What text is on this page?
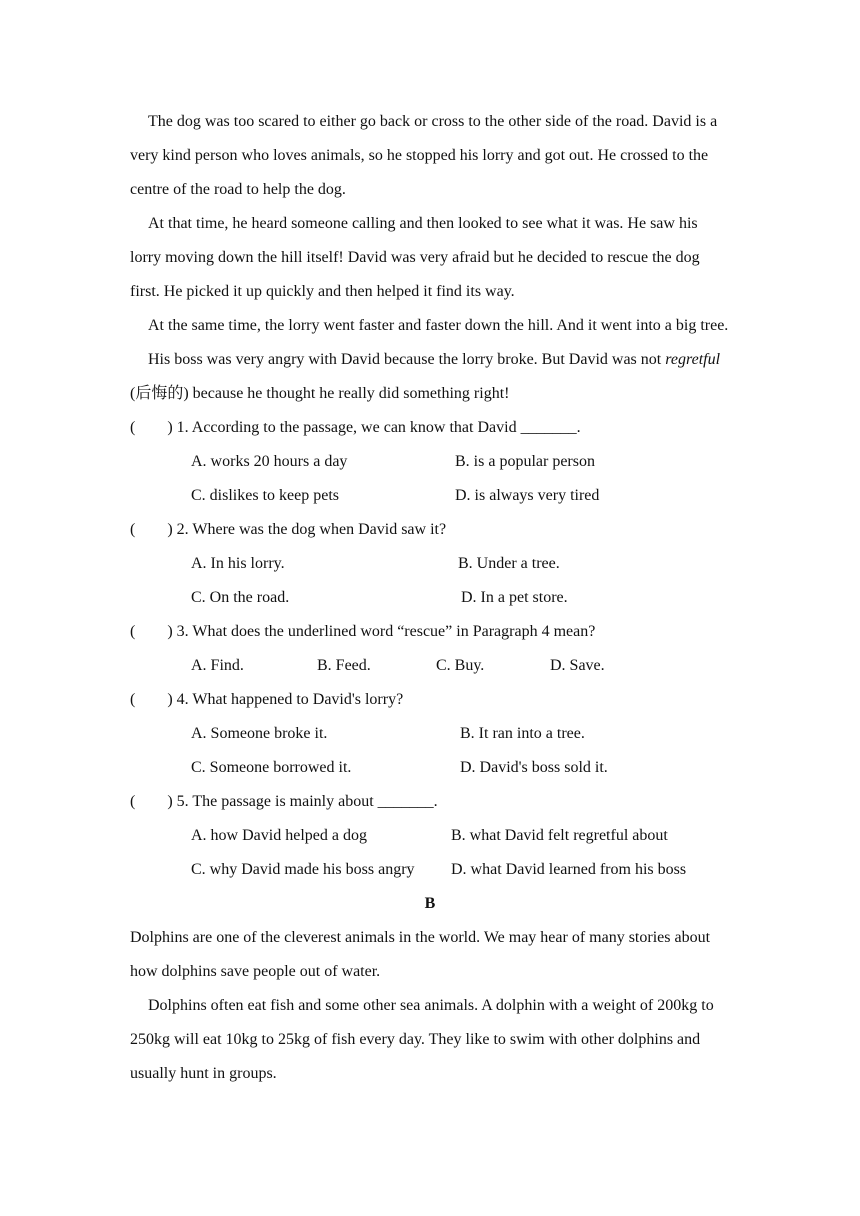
The dog was too scared to either go back or cross to the other side of the road. David is a very kind person who loves animals, so he stopped his lorry and got out. He crossed to the centre of the road to help the dog.

At that time, he heard someone calling and then looked to see what it was. He saw his lorry moving down the hill itself! David was very afraid but he decided to rescue the dog first. He picked it up quickly and then helped it find its way.

At the same time, the lorry went faster and faster down the hill. And it went into a big tree.

His boss was very angry with David because the lorry broke. But David was not regretful (后悔的) because he thought he really did something right!

(        ) 1. According to the passage, we can know that David _______.

A. works 20 hours a day	B. is a popular person

C. dislikes to keep pets	D. is always very tired

(        ) 2. Where was the dog when David saw it?

A. In his lorry.	B. Under a tree.

C. On the road.	D. In a pet store.

(        ) 3. What does the underlined word “rescue” in Paragraph 4 mean?

A. Find.	B. Feed.	C. Buy.	D. Save.

(        ) 4. What happened to David's lorry?

A. Someone broke it.	B. It ran into a tree.

C. Someone borrowed it.	D. David's boss sold it.

(        ) 5. The passage is mainly about _______.

A. how David helped a dog	B. what David felt regretful about

C. why David made his boss angry D. what David learned from his boss

B

Dolphins are one of the cleverest animals in the world. We may hear of many stories about how dolphins save people out of water.

Dolphins often eat fish and some other sea animals. A dolphin with a weight of 200kg to 250kg will eat 10kg to 25kg of fish every day. They like to swim with other dolphins and usually hunt in groups.
